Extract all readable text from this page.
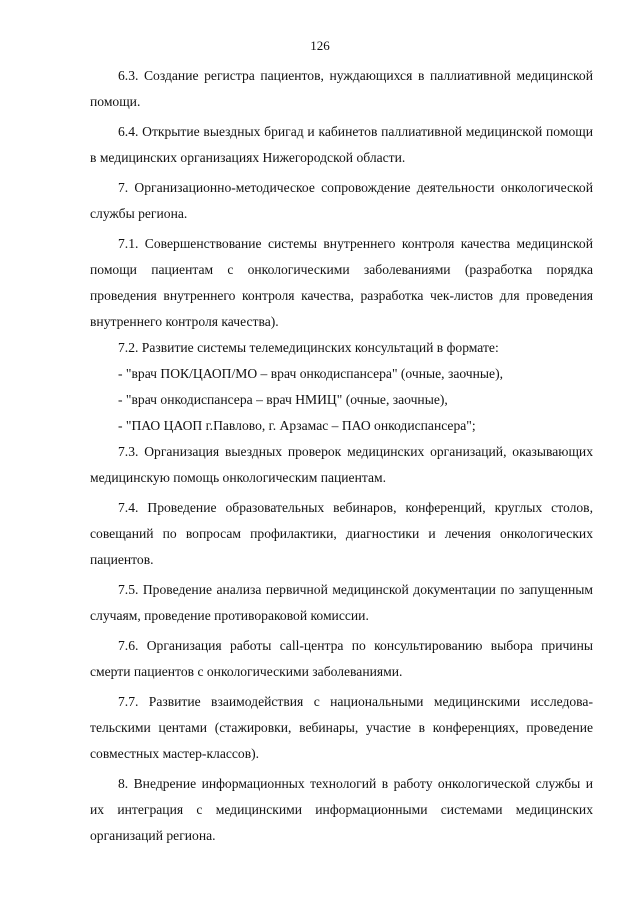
126

6.3. Создание регистра пациентов, нуждающихся в паллиативной медицинской помощи.

6.4. Открытие выездных бригад и кабинетов паллиативной медицинской помощи в медицинских организациях Нижегородской области.

7. Организационно-методическое сопровождение деятельности онкологической службы региона.

7.1. Совершенствование системы внутреннего контроля качества медицинской помощи пациентам с онкологическими заболеваниями (разработка порядка проведения внутреннего контроля качества, разработка чек-листов для проведения внутреннего контроля качества).

7.2. Развитие системы телемедицинских консультаций в формате:

- "врач ПОК/ЦАОП/МО – врач онкодиспансера" (очные, заочные),

- "врач онкодиспансера – врач НМИЦ" (очные, заочные),

- "ПАО ЦАОП г.Павлово, г. Арзамас – ПАО онкодиспансера";

7.3. Организация выездных проверок медицинских организаций, оказывающих медицинскую помощь онкологическим пациентам.

7.4. Проведение образовательных вебинаров, конференций, круглых столов, совещаний по вопросам профилактики, диагностики и лечения онкологических пациентов.

7.5. Проведение анализа первичной медицинской документации по запущенным случаям, проведение противораковой комиссии.

7.6. Организация работы call-центра по консультированию выбора причины смерти пациентов с онкологическими заболеваниями.

7.7. Развитие взаимодействия с национальными медицинскими исследовательскими центами (стажировки, вебинары, участие в конференциях, проведение совместных мастер-классов).

8. Внедрение информационных технологий в работу онкологической службы и их интеграция с медицинскими информационными системами медицинских организаций региона.
